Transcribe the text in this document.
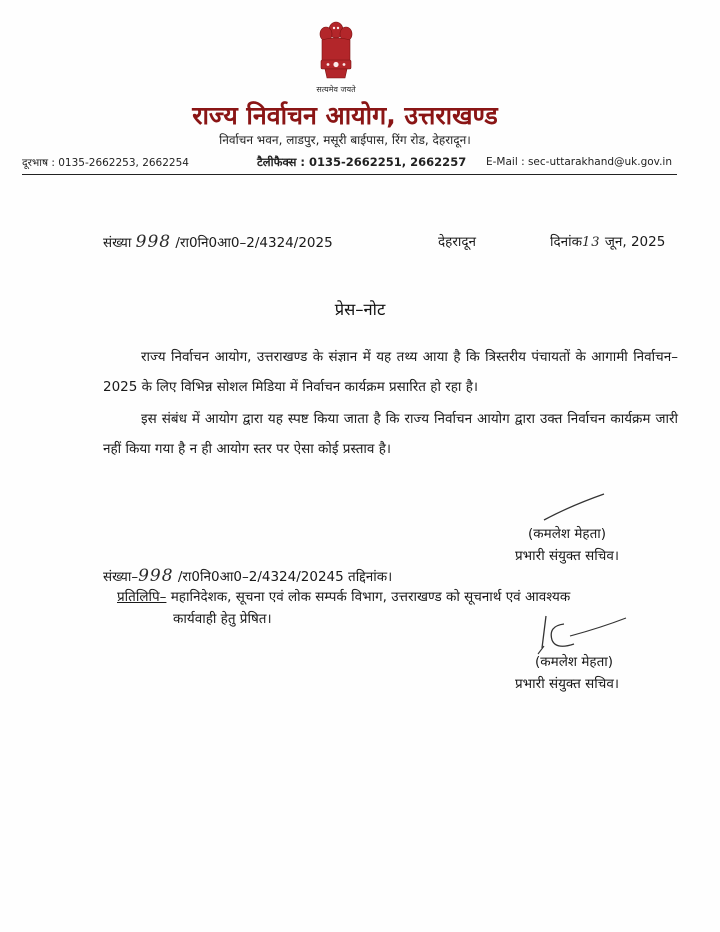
सत्यमेव जयते
राज्य निर्वाचन आयोग, उत्तराखण्ड
निर्वाचन भवन, लाडपुर, मसूरी बाईपास, रिंग रोड, देहरादून।
दूरभाष : 0135-2662253, 2662254	टैलीफैक्स : 0135-2662251, 2662257 E-Mail : sec-uttarakhand@uk.gov.in
संख्या 998 /रा0नि0आ0–2/4324/2025	देहरादून	दिनांक13 जून, 2025
प्रेस–नोट

राज्य निर्वाचन आयोग, उत्तराखण्ड के संज्ञान में यह तथ्य आया है कि त्रिस्तरीय पंचायतों के आगामी निर्वाचन–2025 के लिए विभिन्न सोशल मिडिया में निर्वाचन कार्यक्रम प्रसारित हो रहा है।

इस संबंध में आयोग द्वारा यह स्पष्ट किया जाता है कि राज्य निर्वाचन आयोग द्वारा उक्त निर्वाचन कार्यक्रम जारी नहीं किया गया है न ही आयोग स्तर पर ऐसा कोई प्रस्ताव है।

(कमलेश मेहता)
प्रभारी संयुक्त सचिव।
संख्या–998 /रा0नि0आ0–2/4324/20245 तद्दिनांक।
प्रतिलिपि– महानिदेशक, सूचना एवं लोक सम्पर्क विभाग, उत्तराखण्ड को सूचनार्थ एवं आवश्यक
कार्यवाही हेतु प्रेषित।
(कमलेश मेहता)
प्रभारी संयुक्त सचिव।
